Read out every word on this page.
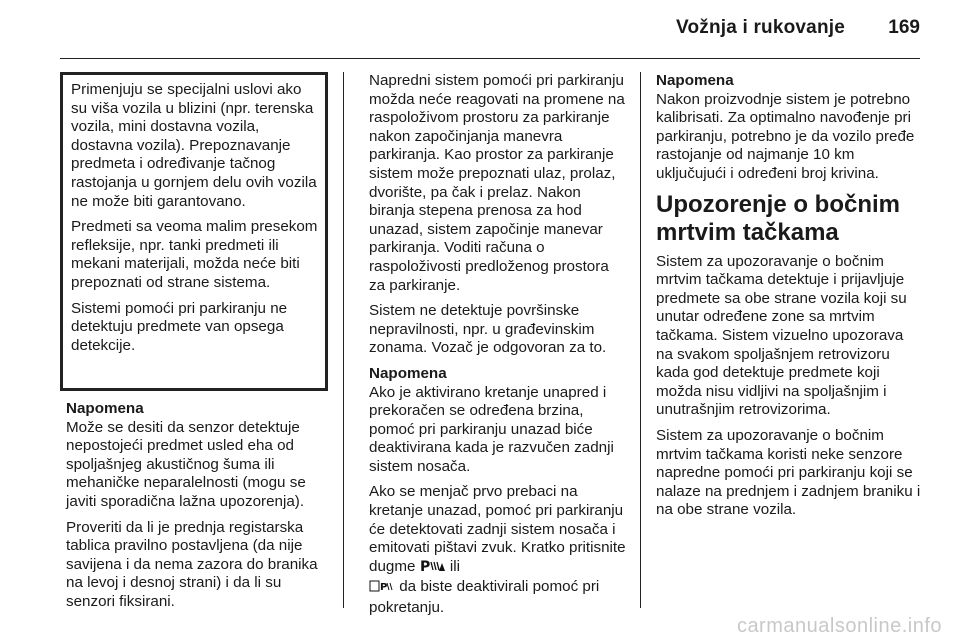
Vožnja i rukovanje 169

Primenjuju se specijalni uslovi ako su viša vozila u blizini (npr. terenska vozila, mini dostavna vozila, dostavna vozila). Prepoznavanje predmeta i određivanje tačnog rastojanja u gornjem delu ovih vozila ne može biti garantovano.

Predmeti sa veoma malim presekom refleksije, npr. tanki predmeti ili mekani materijali, možda neće biti prepoznati od strane sistema.

Sistemi pomoći pri parkiranju ne detektuju predmete van opsega detekcije.

Napomena

Može se desiti da senzor detektuje nepostojeći predmet usled eha od spoljašnjeg akustičnog šuma ili mehaničke neparalelnosti (mogu se javiti sporadična lažna upozorenja).

Proveriti da li je prednja registarska tablica pravilno postavljena (da nije savijena i da nema zazora do branika na levoj i desnoj strani) i da li su senzori fiksirani.

Napredni sistem pomoći pri parkiranju možda neće reagovati na promene na raspoloživom prostoru za parkiranje nakon započinjanja manevra parkiranja. Kao prostor za parkiranje sistem može prepoznati ulaz, prolaz, dvorište, pa čak i prelaz. Nakon biranja stepena prenosa za hod unazad, sistem započinje manevar parkiranja. Voditi računa o raspoloživosti predloženog prostora za parkiranje.

Sistem ne detektuje površinske nepravilnosti, npr. u građevinskim zonama. Vozač je odgovoran za to.

Napomena

Ako je aktivirano kretanje unapred i prekoračen se određena brzina, pomoć pri parkiranju unazad biće deaktivirana kada je razvučen zadnji sistem nosača.

Ako se menjač prvo prebaci na kretanje unazad, pomoć pri parkiranju će detektovati zadnji sistem nosača i emitovati pištavi zvuk. Kratko pritisnite dugme P ili

P da biste deaktivirali pomoć pri pokretanju.

Napomena

Nakon proizvodnje sistem je potrebno kalibrisati. Za optimalno navođenje pri parkiranju, potrebno je da vozilo pređe rastojanje od najmanje 10 km uključujući i određeni broj krivina.

Upozorenje o bočnim mrtvim tačkama

Sistem za upozoravanje o bočnim mrtvim tačkama detektuje i prijavljuje predmete sa obe strane vozila koji su unutar određene zone sa mrtvim tačkama. Sistem vizuelno upozorava na svakom spoljašnjem retrovizoru kada god detektuje predmete koji možda nisu vidljivi na spoljašnjim i unutrašnjim retrovizorima.

Sistem za upozoravanje o bočnim mrtvim tačkama koristi neke senzore napredne pomoći pri parkiranju koji se nalaze na prednjem i zadnjem braniku i na obe strane vozila.

carmanualsonline.info
